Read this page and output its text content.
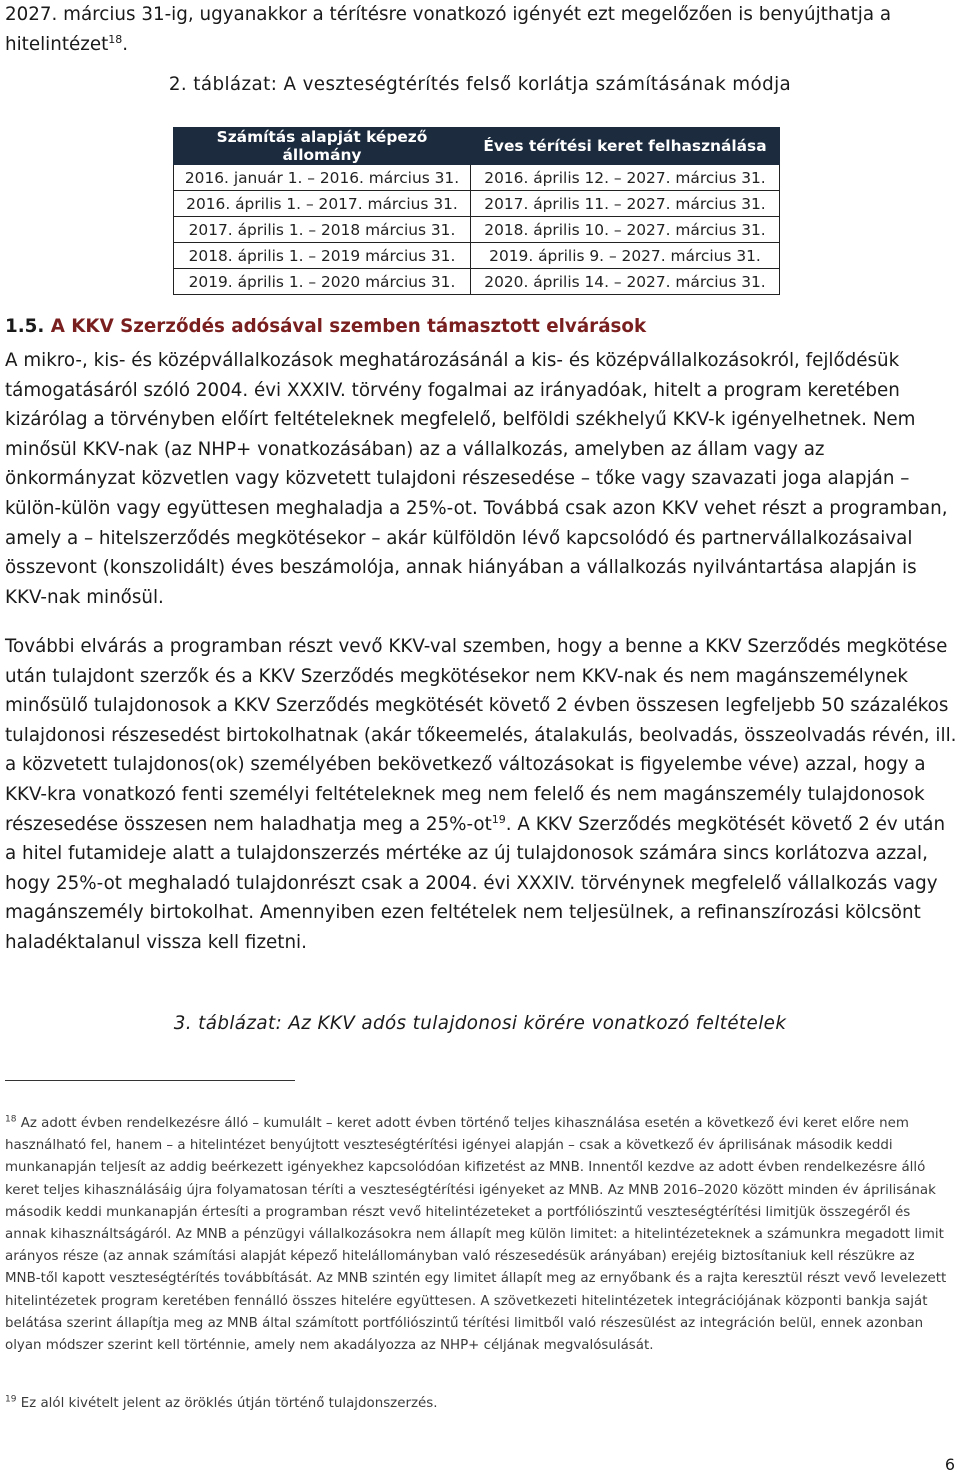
2027. március 31-ig, ugyanakkor a térítésre vonatkozó igényét ezt megelőzően is benyújthatja a hitelintézet$^{18}$.

2. táblázat: A veszteségtérítés felső korlátja számításának módja
Számítás alapját képező állomány	Éves térítési keret felhasználása
2016. január 1. – 2016. március 31.	2016. április 12. – 2027. március 31.
2016. április 1. – 2017. március 31.	2017. április 11. – 2027. március 31.
2017. április 1. – 2018 március 31.	2018. április 10. – 2027. március 31.
2018. április 1. – 2019 március 31.	2019. április 9. – 2027. március 31.
2019. április 1. – 2020 március 31.	2020. április 14. – 2027. március 31.
1.5. A KKV Szerződés adósával szemben támasztott elvárások

A mikro-, kis- és középvállalkozások meghatározásánál a kis- és középvállalkozásokról, fejlődésük támogatásáról szóló 2004. évi XXXIV. törvény fogalmai az irányadóak, hitelt a program keretében kizárólag a törvényben előírt feltételeknek megfelelő, belföldi székhelyű KKV-k igényelhetnek. Nem minősül KKV-nak (az NHP+ vonatkozásában) az a vállalkozás, amelyben az állam vagy az önkormányzat közvetlen vagy közvetett tulajdoni részesedése – tőke vagy szavazati joga alapján – külön-külön vagy együttesen meghaladja a 25%-ot. Továbbá csak azon KKV vehet részt a programban, amely a – hitelszerződés megkötésekor – akár külföldön lévő kapcsolódó és partnervállalkozásaival összevont (konszolidált) éves beszámolója, annak hiányában a vállalkozás nyilvántartása alapján is KKV-nak minősül.

További elvárás a programban részt vevő KKV-val szemben, hogy a benne a KKV Szerződés megkötése után tulajdont szerzők és a KKV Szerződés megkötésekor nem KKV-nak és nem magánszemélynek minősülő tulajdonosok a KKV Szerződés megkötését követő 2 évben összesen legfeljebb 50 százalékos tulajdonosi részesedést birtokolhatnak (akár tőkeemelés, átalakulás, beolvadás, összeolvadás révén, ill. a közvetett tulajdonos(ok) személyében bekövetkező változásokat is figyelembe véve) azzal, hogy a KKV-kra vonatkozó fenti személyi feltételeknek meg nem felelő és nem magánszemély tulajdonosok részesedése összesen nem haladhatja meg a $25\%-ot^{19}$. A KKV Szerződés megkötését követő 2 év után a hitel futamideje alatt a tulajdonszerzés mértéke az új tulajdonosok számára sincs korlátozva azzal, hogy 25%-ot meghaladó tulajdonrészt csak a 2004. évi XXXIV. törvénynek megfelelő vállalkozás vagy magánszemély birtokolhat. Amennyiben ezen feltételek nem teljesülnek, a refinanszírozási kölcsönt haladéktalanul vissza kell fizetni.

3. táblázat: Az KKV adós tulajdonosi körére vonatkozó feltételek
$^{18}$ Az adott évben rendelkezésre álló – kumulált – keret adott évben történő teljes kihasználása esetén a következő évi keret előre nem használható fel, hanem – a hitelintézet benyújtott veszteségtérítési igényei alapján – csak a következő év áprilisának második keddi munkanapján teljesít az addig beérkezett igényekhez kapcsolódóan kifizetést az MNB. Innentől kezdve az adott évben rendelkezésre álló keret teljes kihasználásáig újra folyamatosan téríti a veszteségtérítési igényeket az MNB. Az MNB 2016–2020 között minden év áprilisának második keddi munkanapján értesíti a programban részt vevő hitelintézeteket a portfóliószintű veszteségtérítési limitjük összegéről és annak kihasználtságáról. Az MNB a pénzügyi vállalkozásokra nem állapít meg külön limitet: a hitelintézeteknek a számunkra megadott limit arányos része (az annak számítási alapját képező hitelállományban való részesedésük arányában) erejéig biztosítaniuk kell részükre az MNB-től kapott veszteségtérítés továbbítását. Az MNB szintén egy limitet állapít meg az ernyőbank és a rajta keresztül részt vevő levelezett hitelintézetek program keretében fennálló összes hitelére együttesen. A szövetkezeti hitelintézetek integrációjának központi bankja saját belátása szerint állapítja meg az MNB által számított portfóliószintű térítési limitből való részesülést az integráción belül, ennek azonban olyan módszer szerint kell történnie, amely nem akadályozza az NHP+ céljának megvalósulását.
$^{19}$ Ez alól kivételt jelent az öröklés útján történő tulajdonszerzés.
6
